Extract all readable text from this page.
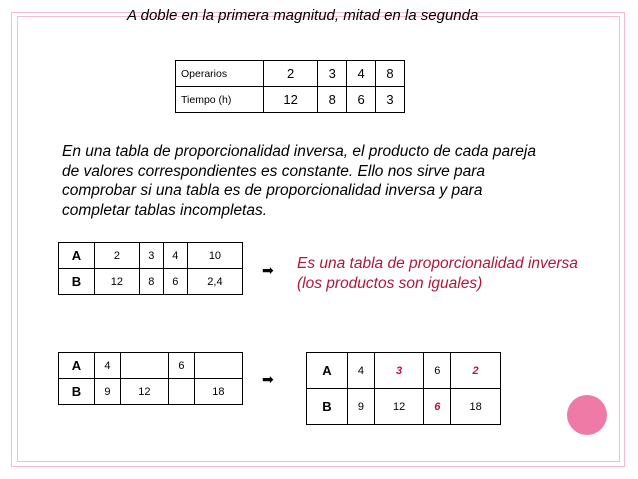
A doble en la primera magnitud, mitad en la segunda
Operarios	2	3	4	8
Tiempo (h)	12	8	6	3
En una tabla de proporcionalidad inversa, el producto de cada pareja de valores correspondientes es constante. Ello nos sirve para comprobar si una tabla es de proporcionalidad inversa y para completar tablas incompletas.
A	2	3	4	10
B	12	8	6	2,4
➡ Es una tabla de proporcionalidad inversa (los productos son iguales)
A	4		6	
B	9	12		18
➡
A	4	3	6	2
B	9	12	6	18
